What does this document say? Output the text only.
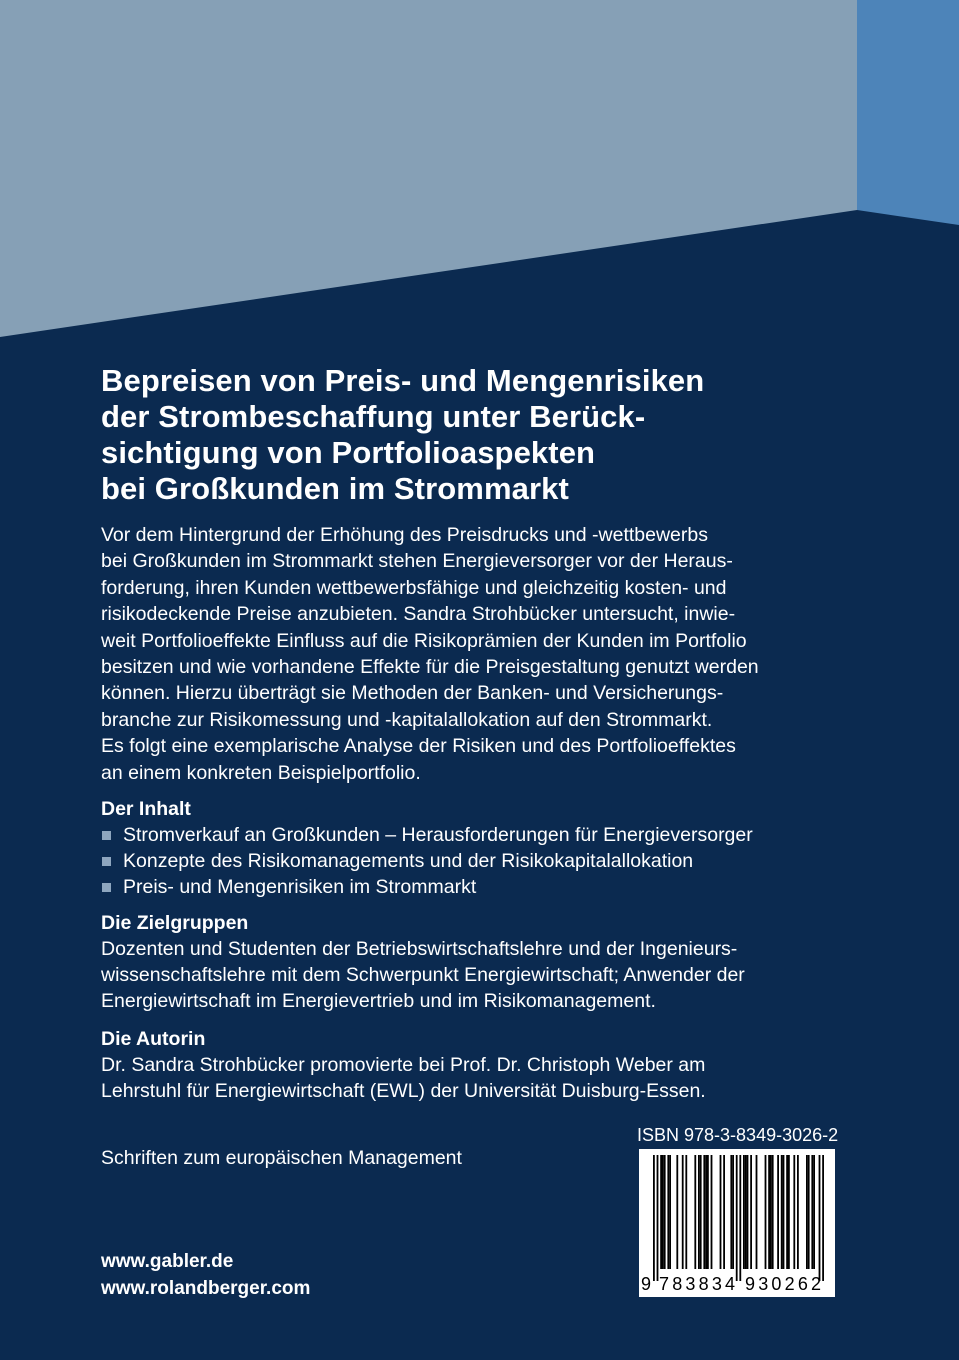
Bepreisen von Preis- und Mengenrisiken
der Strombeschaffung unter Berück-
sichtigung von Portfolioaspekten
bei Großkunden im Strommarkt
Vor dem Hintergrund der Erhöhung des Preisdrucks und -wettbewerbs
bei Großkunden im Strommarkt stehen Energieversorger vor der Heraus-
forderung, ihren Kunden wettbewerbsfähige und gleichzeitig kosten- und
risikodeckende Preise anzubieten. Sandra Strohbücker untersucht, inwie-
weit Portfolioeffekte Einfluss auf die Risikoprämien der Kunden im Portfolio
besitzen und wie vorhandene Effekte für die Preisgestaltung genutzt werden
können. Hierzu überträgt sie Methoden der Banken- und Versicherungs-
branche zur Risikomessung und -kapitalallokation auf den Strommarkt.
Es folgt eine exemplarische Analyse der Risiken und des Portfolioeffektes
an einem konkreten Beispielportfolio.
Der Inhalt
Stromverkauf an Großkunden – Herausforderungen für Energieversorger
Konzepte des Risikomanagements und der Risikokapitalallokation
Preis- und Mengenrisiken im Strommarkt
Die Zielgruppen
Dozenten und Studenten der Betriebswirtschaftslehre und der Ingenieurs-
wissenschaftslehre mit dem Schwerpunkt Energiewirtschaft; Anwender der
Energiewirtschaft im Energievertrieb und im Risikomanagement.
Die Autorin
Dr. Sandra Strohbücker promovierte bei Prof. Dr. Christoph Weber am
Lehrstuhl für Energiewirtschaft (EWL) der Universität Duisburg-Essen.
Schriften zum europäischen Management
www.gabler.de
www.rolandberger.com
ISBN 978-3-8349-3026-2
9 783834 930262
